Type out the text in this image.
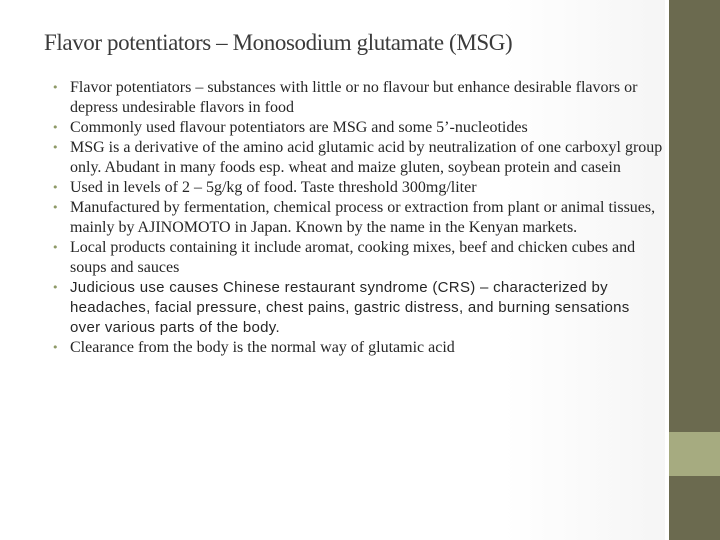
Flavor potentiators – Monosodium glutamate (MSG)
• Flavor potentiators – substances with little or no flavour but enhance desirable flavors or depress undesirable flavors in food
• Commonly used flavour potentiators are MSG and some 5’-nucleotides
• MSG is a derivative of the amino acid glutamic acid by neutralization of one carboxyl group only. Abudant in many foods esp. wheat and maize gluten, soybean protein and casein
• Used in levels of 2 – 5g/kg of food. Taste threshold 300mg/liter
• Manufactured by fermentation, chemical process or extraction from plant or animal tissues, mainly by AJINOMOTO in Japan. Known by the name in the Kenyan markets.
• Local products containing it include aromat, cooking mixes, beef and chicken cubes and soups and sauces
• Judicious use causes Chinese restaurant syndrome (CRS) – characterized by headaches, facial pressure, chest pains, gastric distress, and burning sensations over various parts of the body.
• Clearance from the body is the normal way of glutamic acid
